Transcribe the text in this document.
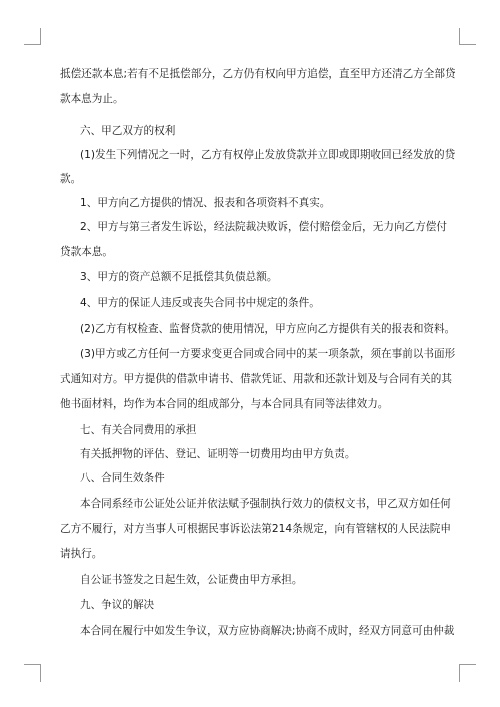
抵偿还款本息;若有不足抵偿部分，乙方仍有权向甲方追偿，直至甲方还清乙方全部贷
款本息为止。
六、甲乙双方的权利
(1)发生下列情况之一时，乙方有权停止发放贷款并立即或即期收回已经发放的贷
款。
1、甲方向乙方提供的情况、报表和各项资料不真实。
2、甲方与第三者发生诉讼，经法院裁决败诉，偿付赔偿金后，无力向乙方偿付
贷款本息。
3、甲方的资产总额不足抵偿其负债总额。
4、甲方的保证人违反或丧失合同书中规定的条件。
(2)乙方有权检查、监督贷款的使用情况，甲方应向乙方提供有关的报表和资料。
(3)甲方或乙方任何一方要求变更合同或合同中的某一项条款，须在事前以书面形
式通知对方。甲方提供的借款申请书、借款凭证、用款和还款计划及与合同有关的其
他书面材料，均作为本合同的组成部分，与本合同具有同等法律效力。
七、有关合同费用的承担
有关抵押物的评估、登记、证明等一切费用均由甲方负责。
八、合同生效条件
本合同系经市公证处公证并依法赋予强制执行效力的债权文书，甲乙双方如任何
乙方不履行，对方当事人可根据民事诉讼法第214条规定，向有管辖权的人民法院申
请执行。
自公证书签发之日起生效，公证费由甲方承担。
九、争议的解决
本合同在履行中如发生争议，双方应协商解决;协商不成时，经双方同意可由仲裁
